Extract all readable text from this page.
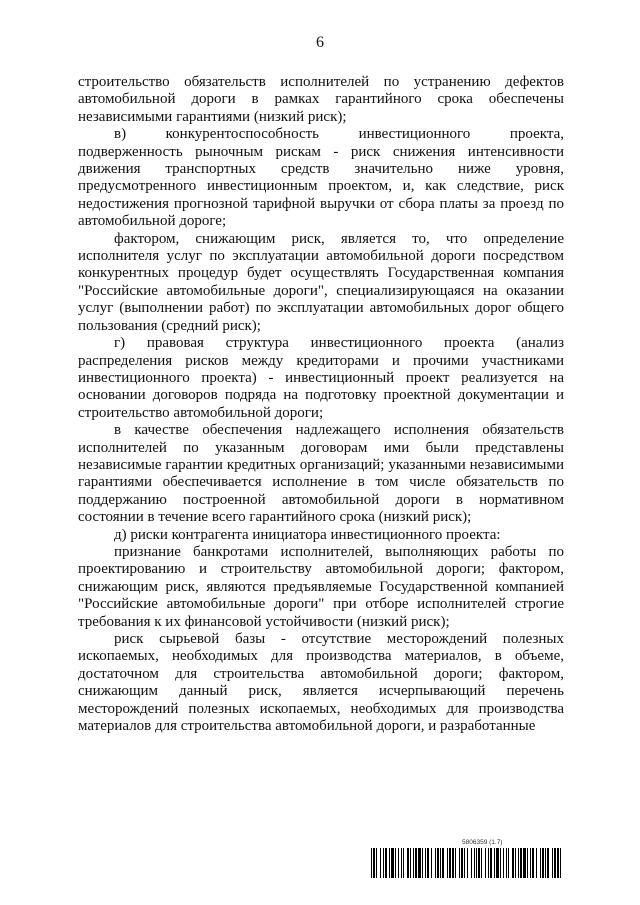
6

строительство обязательств исполнителей по устранению дефектов автомобильной дороги в рамках гарантийного срока обеспечены независимыми гарантиями (низкий риск);

в) конкурентоспособность инвестиционного проекта, подверженность рыночным рискам - риск снижения интенсивности движения транспортных средств значительно ниже уровня, предусмотренного инвестиционным проектом, и, как следствие, риск недостижения прогнозной тарифной выручки от сбора платы за проезд по автомобильной дороге;

фактором, снижающим риск, является то, что определение исполнителя услуг по эксплуатации автомобильной дороги посредством конкурентных процедур будет осуществлять Государственная компания "Российские автомобильные дороги", специализирующаяся на оказании услуг (выполнении работ) по эксплуатации автомобильных дорог общего пользования (средний риск);

г) правовая структура инвестиционного проекта (анализ распределения рисков между кредиторами и прочими участниками инвестиционного проекта) - инвестиционный проект реализуется на основании договоров подряда на подготовку проектной документации и строительство автомобильной дороги;

в качестве обеспечения надлежащего исполнения обязательств исполнителей по указанным договорам ими были представлены независимые гарантии кредитных организаций; указанными независимыми гарантиями обеспечивается исполнение в том числе обязательств по поддержанию построенной автомобильной дороги в нормативном состоянии в течение всего гарантийного срока (низкий риск);

д) риски контрагента инициатора инвестиционного проекта:

признание банкротами исполнителей, выполняющих работы по проектированию и строительству автомобильной дороги; фактором, снижающим риск, являются предъявляемые Государственной компанией "Российские автомобильные дороги" при отборе исполнителей строгие требования к их финансовой устойчивости (низкий риск);

риск сырьевой базы - отсутствие месторождений полезных ископаемых, необходимых для производства материалов, в объеме, достаточном для строительства автомобильной дороги; фактором, снижающим данный риск, является исчерпывающий перечень месторождений полезных ископаемых, необходимых для производства материалов для строительства автомобильной дороги, и разработанные

5806359 (1.7)
